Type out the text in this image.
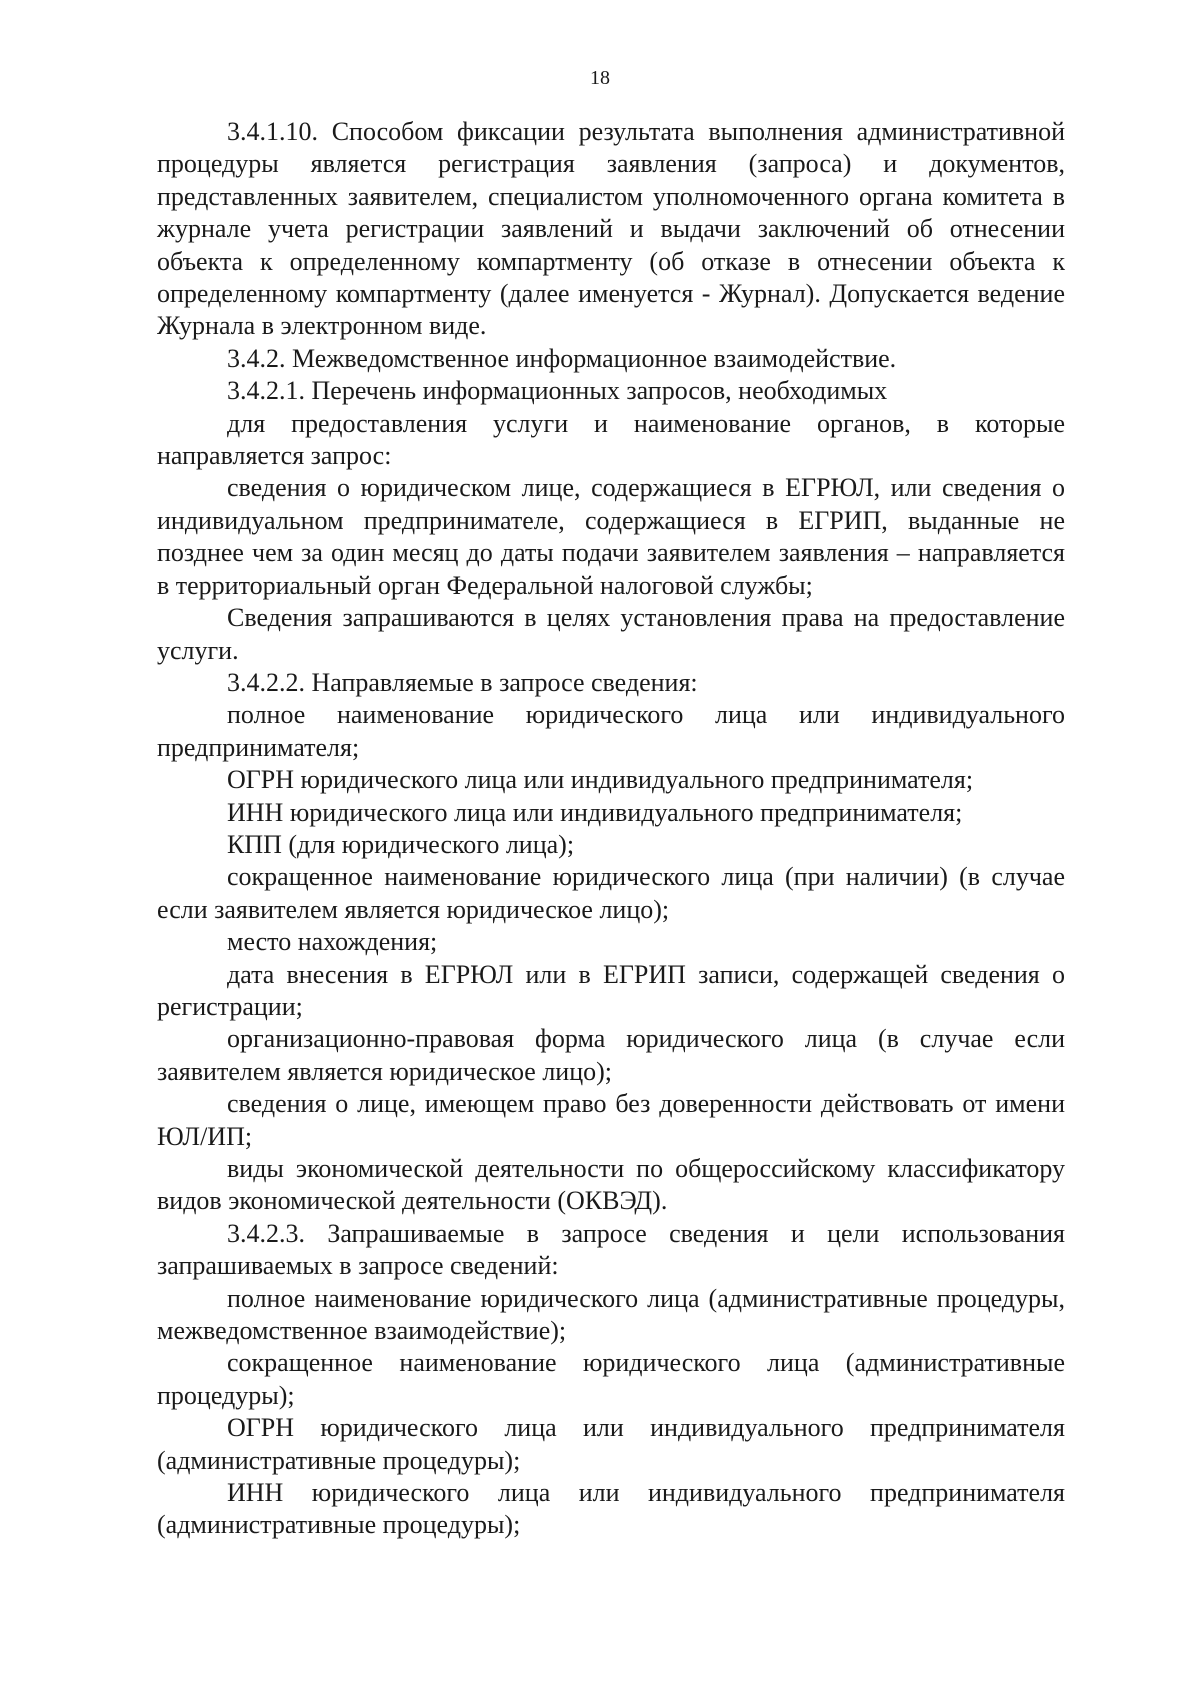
18

3.4.1.10. Способом фиксации результата выполнения административной процедуры является регистрация заявления (запроса) и документов, представленных заявителем, специалистом уполномоченного органа комитета в журнале учета регистрации заявлений и выдачи заключений об отнесении объекта к определенному компартменту (об отказе в отнесении объекта к определенному компартменту (далее именуется - Журнал). Допускается ведение Журнала в электронном виде.

3.4.2. Межведомственное информационное взаимодействие.

3.4.2.1. Перечень информационных запросов, необходимых

для предоставления услуги и наименование органов, в которые направляется запрос:

сведения о юридическом лице, содержащиеся в ЕГРЮЛ, или сведения о индивидуальном предпринимателе, содержащиеся в ЕГРИП, выданные не позднее чем за один месяц до даты подачи заявителем заявления – направляется в территориальный орган Федеральной налоговой службы;

Сведения запрашиваются в целях установления права на предоставление услуги.

3.4.2.2. Направляемые в запросе сведения:

полное наименование юридического лица или индивидуального предпринимателя;

ОГРН юридического лица или индивидуального предпринимателя;

ИНН юридического лица или индивидуального предпринимателя;

КПП (для юридического лица);

сокращенное наименование юридического лица (при наличии) (в случае если заявителем является юридическое лицо);

место нахождения;

дата внесения в ЕГРЮЛ или в ЕГРИП записи, содержащей сведения о регистрации;

организационно-правовая форма юридического лица (в случае если заявителем является юридическое лицо);

сведения о лице, имеющем право без доверенности действовать от имени ЮЛ/ИП;

виды экономической деятельности по общероссийскому классификатору видов экономической деятельности (ОКВЭД).

3.4.2.3. Запрашиваемые в запросе сведения и цели использования запрашиваемых в запросе сведений:

полное наименование юридического лица (административные процедуры, межведомственное взаимодействие);

сокращенное наименование юридического лица (административные процедуры);

ОГРН юридического лица или индивидуального предпринимателя (административные процедуры);

ИНН юридического лица или индивидуального предпринимателя (административные процедуры);
